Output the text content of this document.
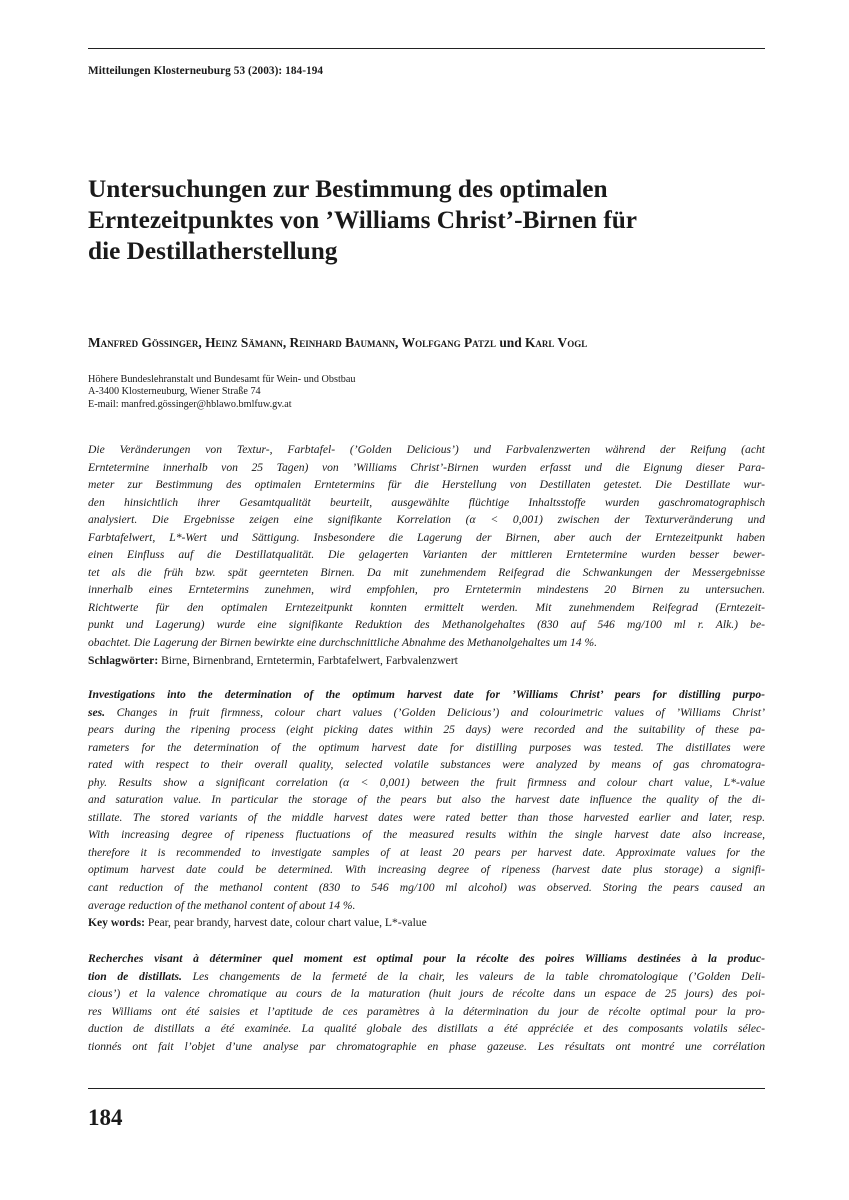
Mitteilungen Klosterneuburg 53 (2003): 184-194
Untersuchungen zur Bestimmung des optimalen
Erntezeitpunktes von ’Williams Christ’-Birnen für
die Destillatherstellung
Manfred Gössinger, Heinz Sämann, Reinhard Baumann, Wolfgang Patzl und Karl Vogl
Höhere Bundeslehranstalt und Bundesamt für Wein- und Obstbau
A-3400 Klosterneuburg, Wiener Straße 74
E-mail: manfred.gössinger@hblawo.bmlfuw.gv.at
Die Veränderungen von Textur-, Farbtafel- (’Golden Delicious’) und Farbvalenzwerten während der Reifung (acht
Erntetermine innerhalb von 25 Tagen) von ’Williams Christ’-Birnen wurden erfasst und die Eignung dieser Para-
meter zur Bestimmung des optimalen Erntetermins für die Herstellung von Destillaten getestet. Die Destillate wur-
den hinsichtlich ihrer Gesamtqualität beurteilt, ausgewählte flüchtige Inhaltsstoffe wurden gaschromatographisch
analysiert. Die Ergebnisse zeigen eine signifikante Korrelation (α < 0,001) zwischen der Texturveränderung und
Farbtafelwert, L*-Wert und Sättigung. Insbesondere die Lagerung der Birnen, aber auch der Erntezeitpunkt haben
einen Einfluss auf die Destillatqualität. Die gelagerten Varianten der mittleren Erntetermine wurden besser bewer-
tet als die früh bzw. spät geernteten Birnen. Da mit zunehmendem Reifegrad die Schwankungen der Messergebnisse
innerhalb eines Erntetermins zunehmen, wird empfohlen, pro Erntetermin mindestens 20 Birnen zu untersuchen.
Richtwerte für den optimalen Erntezeitpunkt konnten ermittelt werden. Mit zunehmendem Reifegrad (Erntezeit-
punkt und Lagerung) wurde eine signifikante Reduktion des Methanolgehaltes (830 auf 546 mg/100 ml r. Alk.) be-
obachtet. Die Lagerung der Birnen bewirkte eine durchschnittliche Abnahme des Methanolgehaltes um 14 %.
Schlagwörter: Birne, Birnenbrand, Erntetermin, Farbtafelwert, Farbvalenzwert
Investigations into the determination of the optimum harvest date for ’Williams Christ’ pears for distilling purpo-
ses. Changes in fruit firmness, colour chart values (’Golden Delicious’) and colourimetric values of ’Williams Christ’
pears during the ripening process (eight picking dates within 25 days) were recorded and the suitability of these pa-
rameters for the determination of the optimum harvest date for distilling purposes was tested. The distillates were
rated with respect to their overall quality, selected volatile substances were analyzed by means of gas chromatogra-
phy. Results show a significant correlation (α < 0,001) between the fruit firmness and colour chart value, L*-value
and saturation value. In particular the storage of the pears but also the harvest date influence the quality of the di-
stillate. The stored variants of the middle harvest dates were rated better than those harvested earlier and later, resp.
With increasing degree of ripeness fluctuations of the measured results within the single harvest date also increase,
therefore it is recommended to investigate samples of at least 20 pears per harvest date. Approximate values for the
optimum harvest date could be determined. With increasing degree of ripeness (harvest date plus storage) a signifi-
cant reduction of the methanol content (830 to 546 mg/100 ml alcohol) was observed. Storing the pears caused an
average reduction of the methanol content of about 14 %.
Key words: Pear, pear brandy, harvest date, colour chart value, L*-value
Recherches visant à déterminer quel moment est optimal pour la récolte des poires Williams destinées à la produc-
tion de distillats. Les changements de la fermeté de la chair, les valeurs de la table chromatologique (’Golden Deli-
cious’) et la valence chromatique au cours de la maturation (huit jours de récolte dans un espace de 25 jours) des poi-
res Williams ont été saisies et l’aptitude de ces paramètres à la détermination du jour de récolte optimal pour la pro-
duction de distillats a été examinée. La qualité globale des distillats a été appréciée et des composants volatils sélec-
tionnés ont fait l’objet d’une analyse par chromatographie en phase gazeuse. Les résultats ont montré une corrélation
184
